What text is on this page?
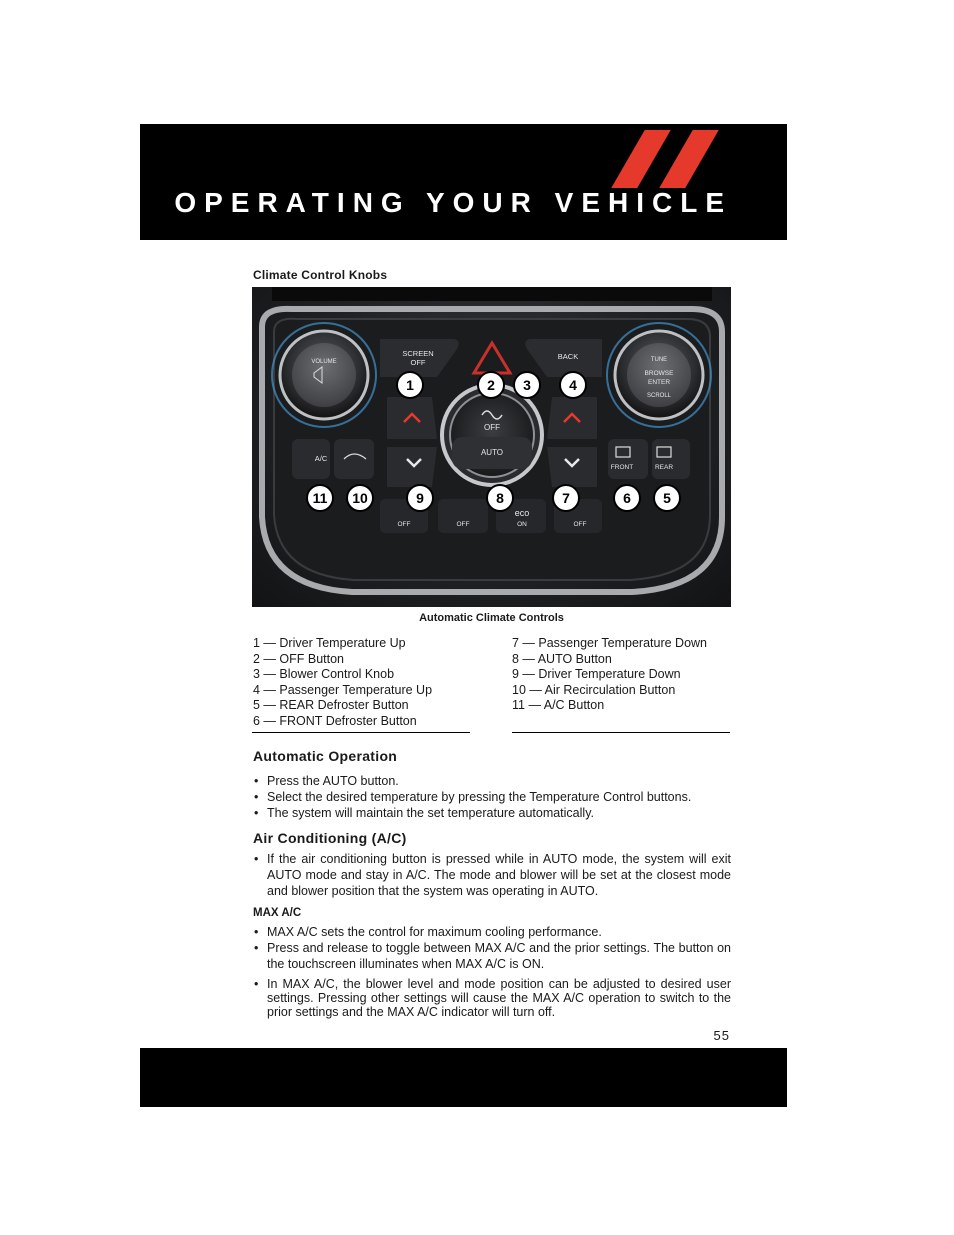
OPERATING YOUR VEHICLE
Climate Control Knobs
SCREEN
OFF
BACK
VOLUME	TUNE
BROWSE
ENTER
SCROLL
OFF
AUTO
A/C
FRONT	REAR
OFF	OFF
eco
ON	OFF
1	2 3	4
5
6
7
8
9
10
11
Automatic Climate Controls
1 — Driver Temperature Up
2 — OFF Button
3 — Blower Control Knob
4 — Passenger Temperature Up
5 — REAR Defroster Button
6 — FRONT Defroster Button
7 — Passenger Temperature Down
8 — AUTO Button
9 — Driver Temperature Down
10 — Air Recirculation Button
11 — A/C Button
Automatic Operation
• Press the AUTO button.
• Select the desired temperature by pressing the Temperature Control buttons.
• The system will maintain the set temperature automatically.
Air Conditioning (A/C)
• If the air conditioning button is pressed while in AUTO mode, the system will exit AUTO mode and stay in A/C. The mode and blower will be set at the closest mode and blower position that the system was operating in AUTO.
MAX A/C
• MAX A/C sets the control for maximum cooling performance.
• Press and release to toggle between MAX A/C and the prior settings. The button on the touchscreen illuminates when MAX A/C is ON.
• In MAX A/C, the blower level and mode position can be adjusted to desired user settings. Pressing other settings will cause the MAX A/C operation to switch to the prior settings and the MAX A/C indicator will turn off.
55
